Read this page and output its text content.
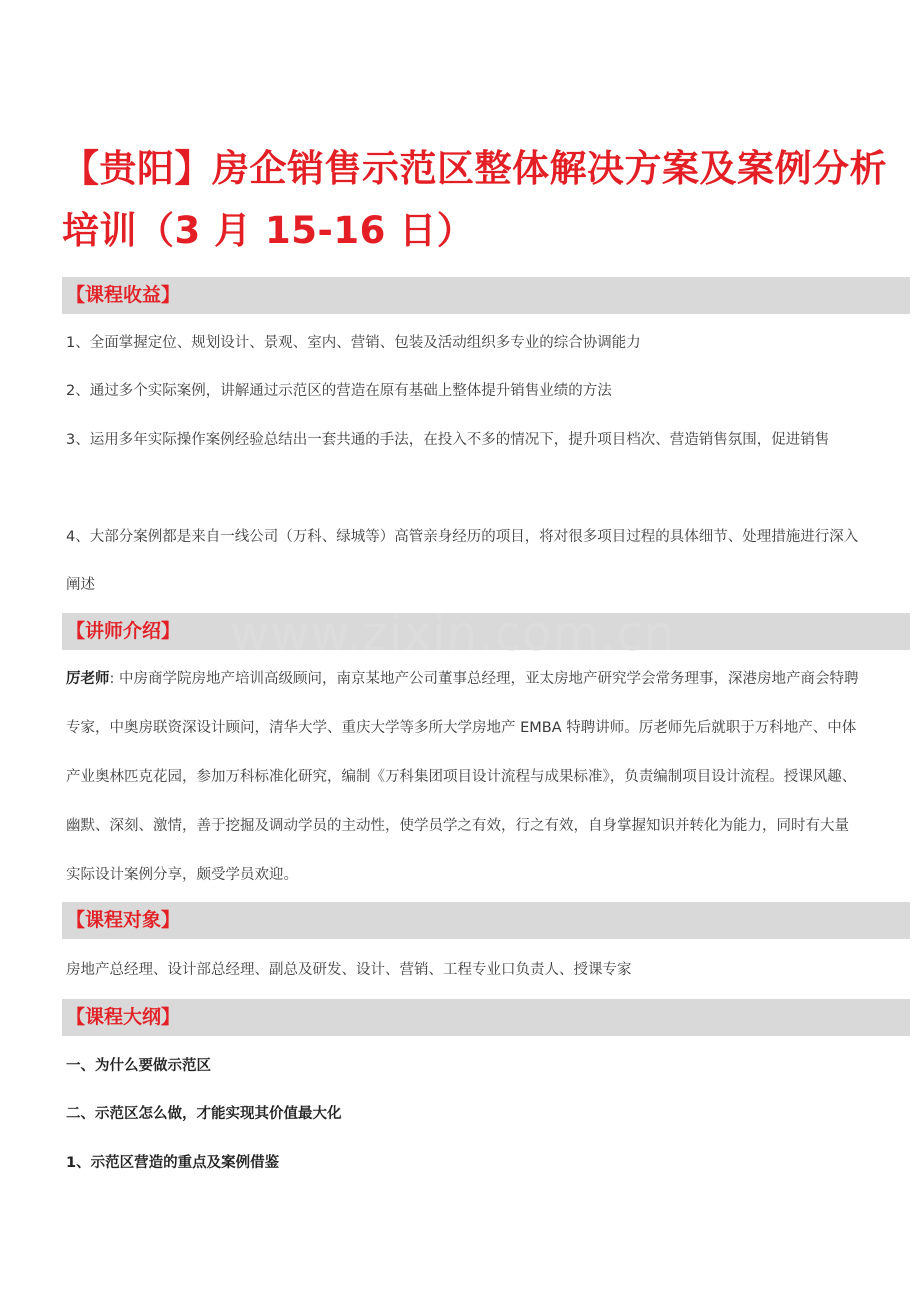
【贵阳】房企销售示范区整体解决方案及案例分析培训（3 月 15-16 日）
【课程收益】

1、全面掌握定位、规划设计、景观、室内、营销、包装及活动组织多专业的综合协调能力

2、通过多个实际案例，讲解通过示范区的营造在原有基础上整体提升销售业绩的方法

3、运用多年实际操作案例经验总结出一套共通的手法，在投入不多的情况下，提升项目档次、营造销售氛围，促进销售

4、大部分案例都是来自一线公司（万科、绿城等）高管亲身经历的项目，将对很多项目过程的具体细节、处理措施进行深入阐述

【讲师介绍】 www.zixin.com.cn

厉老师: 中房商学院房地产培训高级顾问，南京某地产公司董事总经理，亚太房地产研究学会常务理事，深港房地产商会特聘专家，中奥房联资深设计顾问，清华大学、重庆大学等多所大学房地产 EMBA 特聘讲师。厉老师先后就职于万科地产、中体产业奥林匹克花园，参加万科标准化研究，编制《万科集团项目设计流程与成果标准》，负责编制项目设计流程。授课风趣、幽默、深刻、激情，善于挖掘及调动学员的主动性，使学员学之有效，行之有效，自身掌握知识并转化为能力，同时有大量实际设计案例分享，颇受学员欢迎。

【课程对象】

房地产总经理、设计部总经理、副总及研发、设计、营销、工程专业口负责人、授课专家

【课程大纲】

一、为什么要做示范区

二、示范区怎么做，才能实现其价值最大化

1、示范区营造的重点及案例借鉴
